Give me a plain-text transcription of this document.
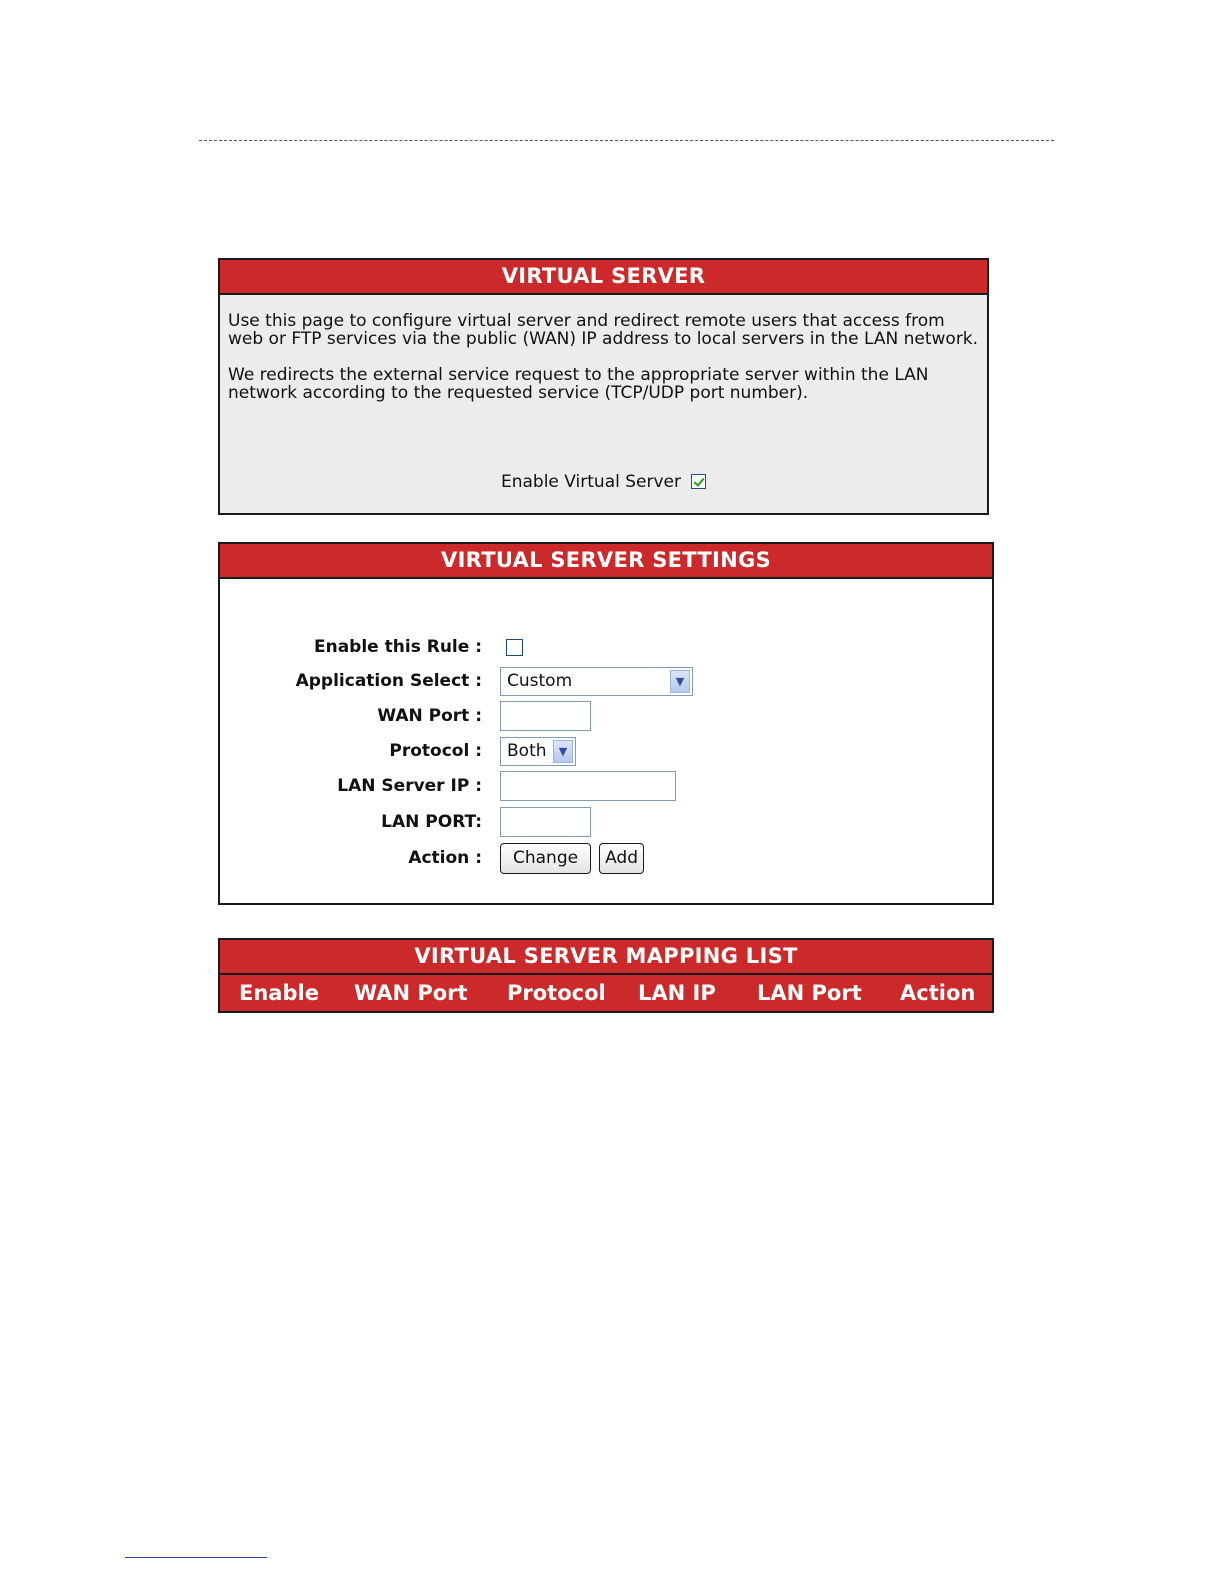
VIRTUAL SERVER

Use this page to configure virtual server and redirect remote users that access from web or FTP services via the public (WAN) IP address to local servers in the LAN network.

We redirects the external service request to the appropriate server within the LAN network according to the requested service (TCP/UDP port number).

Enable Virtual Server
VIRTUAL SERVER SETTINGS
Enable this Rule :
Application Select : Custom	▼
WAN Port :
Protocol : Both	▼
LAN Server IP :
LAN PORT:
Action :	Change	Add
VIRTUAL SERVER MAPPING LIST
Enable WAN Port Protocol LAN IP LAN Port Action
